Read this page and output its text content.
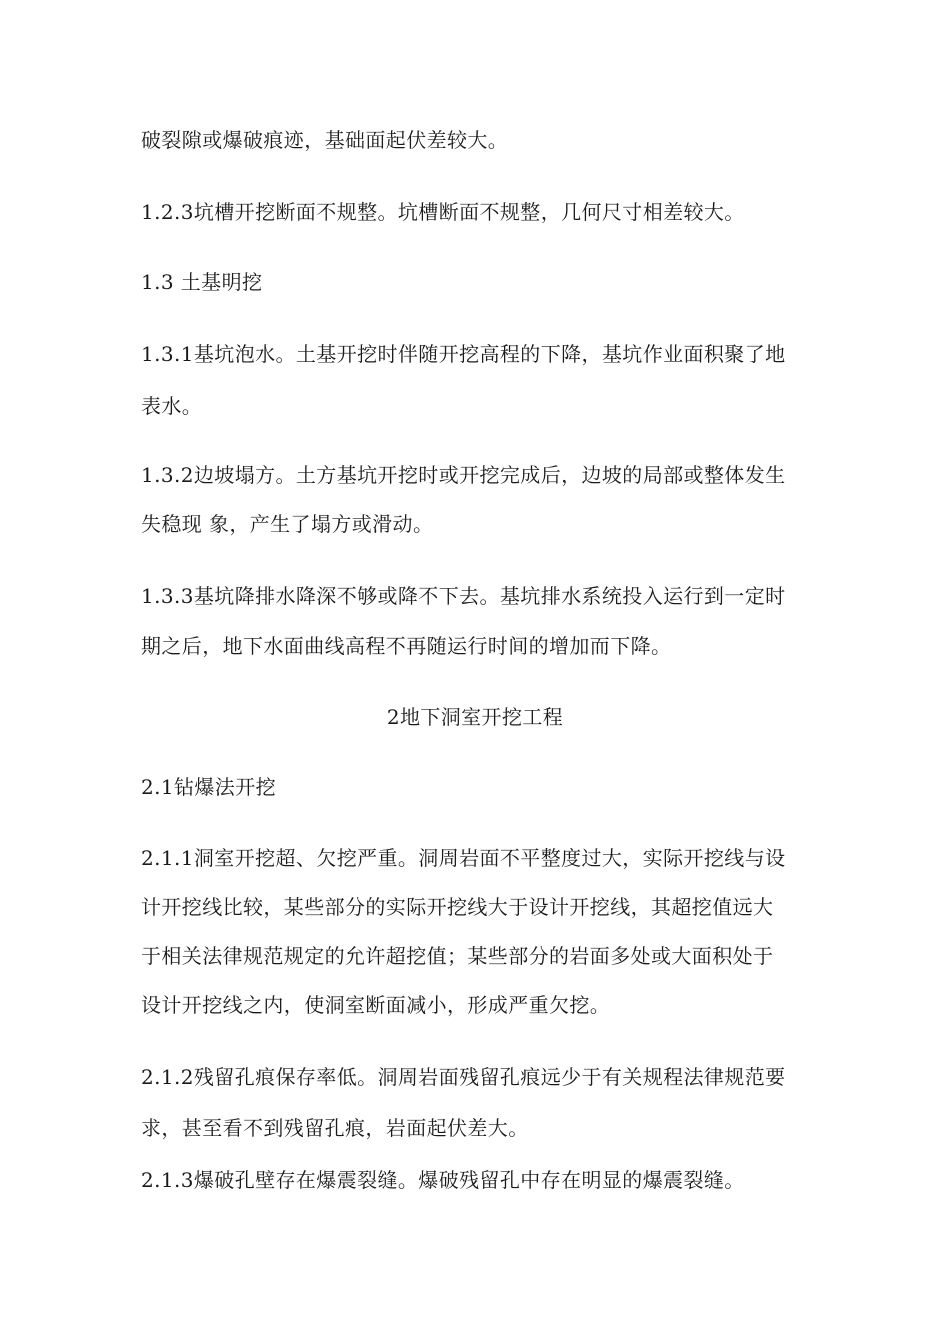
破裂隙或爆破痕迹，基础面起伏差较大。
1.2.3坑槽开挖断面不规整。坑槽断面不规整，几何尺寸相差较大。
1.3 土基明挖
1.3.1基坑泡水。土基开挖时伴随开挖高程的下降，基坑作业面积聚了地
表水。
1.3.2边坡塌方。土方基坑开挖时或开挖完成后，边坡的局部或整体发生
失稳现 象，产生了塌方或滑动。
1.3.3基坑降排水降深不够或降不下去。基坑排水系统投入运行到一定时
期之后，地下水面曲线高程不再随运行时间的增加而下降。
2地下洞室开挖工程
2.1钻爆法开挖
2.1.1洞室开挖超、欠挖严重。洞周岩面不平整度过大，实际开挖线与设
计开挖线比较，某些部分的实际开挖线大于设计开挖线，其超挖值远大
于相关法律规范规定的允许超挖值；某些部分的岩面多处或大面积处于
设计开挖线之内，使洞室断面减小，形成严重欠挖。
2.1.2残留孔痕保存率低。洞周岩面残留孔痕远少于有关规程法律规范要
求，甚至看不到残留孔痕，岩面起伏差大。
2.1.3爆破孔壁存在爆震裂缝。爆破残留孔中存在明显的爆震裂缝。
